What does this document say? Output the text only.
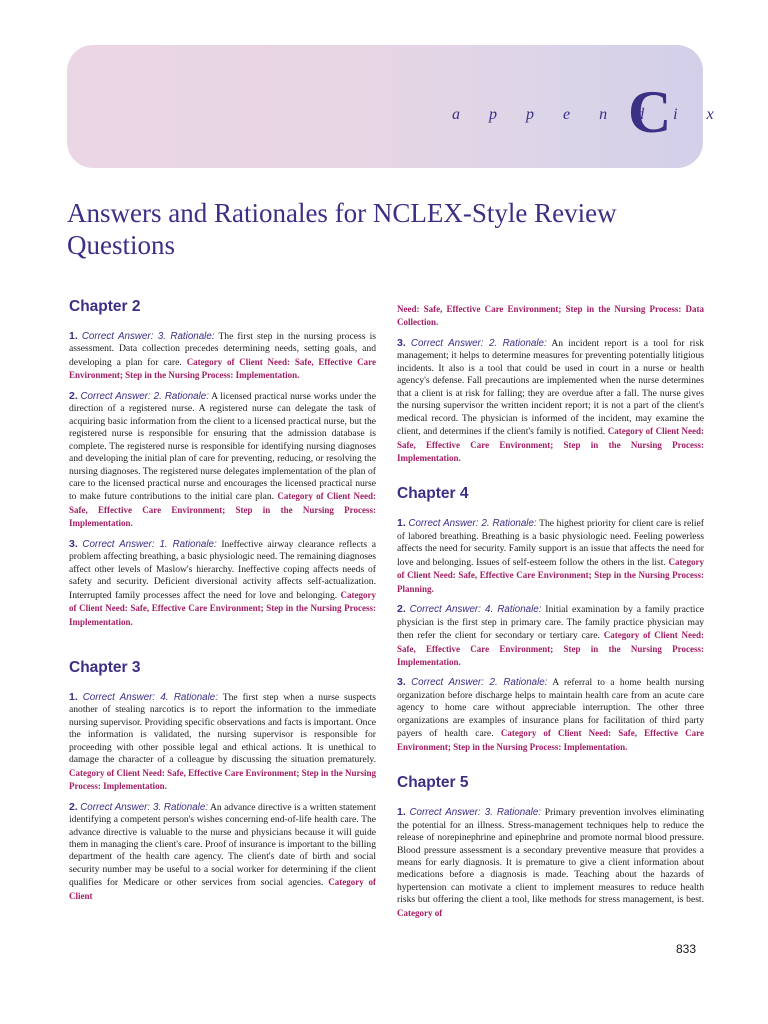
a p p e n d i x
C
Answers and Rationales for NCLEX-Style Review Questions
Chapter 2

1. Correct Answer: 3. Rationale: The first step in the nursing process is assessment. Data collection precedes determining needs, setting goals, and developing a plan for care. Category of Client Need: Safe, Effective Care Environment; Step in the Nursing Process: Implementation.

2. Correct Answer: 2. Rationale: A licensed practical nurse works under the direction of a registered nurse. A registered nurse can delegate the task of acquiring basic information from the client to a licensed practical nurse, but the registered nurse is responsible for ensuring that the admission database is complete. The registered nurse is responsible for identifying nursing diagnoses and developing the initial plan of care for preventing, reducing, or resolving the nursing diagnoses. The registered nurse delegates implementation of the plan of care to the licensed practical nurse and encourages the licensed practical nurse to make future contributions to the initial care plan. Category of Client Need: Safe, Effective Care Environment; Step in the Nursing Process: Implementation.

3. Correct Answer: 1. Rationale: Ineffective airway clearance reflects a problem affecting breathing, a basic physiologic need. The remaining diagnoses affect other levels of Maslow's hierarchy. Ineffective coping affects needs of safety and security. Deficient diversional activity affects self-actualization. Interrupted family processes affect the need for love and belonging. Category of Client Need: Safe, Effective Care Environment; Step in the Nursing Process: Implementation.

Chapter 3

1. Correct Answer: 4. Rationale: The first step when a nurse suspects another of stealing narcotics is to report the information to the immediate nursing supervisor. Providing specific observations and facts is important. Once the information is validated, the nursing supervisor is responsible for proceeding with other possible legal and ethical actions. It is unethical to damage the character of a colleague by discussing the situation prematurely. Category of Client Need: Safe, Effective Care Environment; Step in the Nursing Process: Implementation.

2. Correct Answer: 3. Rationale: An advance directive is a written statement identifying a competent person's wishes concerning end-of-life health care. The advance directive is valuable to the nurse and physicians because it will guide them in managing the client's care. Proof of insurance is important to the billing department of the health care agency. The client's date of birth and social security number may be useful to a social worker for determining if the client qualifies for Medicare or other services from social agencies. Category of Client

Need: Safe, Effective Care Environment; Step in the Nursing Process: Data Collection.

3. Correct Answer: 2. Rationale: An incident report is a tool for risk management; it helps to determine measures for preventing potentially litigious incidents. It also is a tool that could be used in court in a nurse or health agency's defense. Fall precautions are implemented when the nurse determines that a client is at risk for falling; they are overdue after a fall. The nurse gives the nursing supervisor the written incident report; it is not a part of the client's medical record. The physician is informed of the incident, may examine the client, and determines if the client's family is notified. Category of Client Need: Safe, Effective Care Environment; Step in the Nursing Process: Implementation.

Chapter 4

1. Correct Answer: 2. Rationale: The highest priority for client care is relief of labored breathing. Breathing is a basic physiologic need. Feeling powerless affects the need for security. Family support is an issue that affects the need for love and belonging. Issues of self-esteem follow the others in the list. Category of Client Need: Safe, Effective Care Environment; Step in the Nursing Process: Planning.

2. Correct Answer: 4. Rationale: Initial examination by a family practice physician is the first step in primary care. The family practice physician may then refer the client for secondary or tertiary care. Category of Client Need: Safe, Effective Care Environment; Step in the Nursing Process: Implementation.

3. Correct Answer: 2. Rationale: A referral to a home health nursing organization before discharge helps to maintain health care from an acute care agency to home care without appreciable interruption. The other three organizations are examples of insurance plans for facilitation of third party payers of health care. Category of Client Need: Safe, Effective Care Environment; Step in the Nursing Process: Implementation.

Chapter 5

1. Correct Answer: 3. Rationale: Primary prevention involves eliminating the potential for an illness. Stress-management techniques help to reduce the release of norepinephrine and epinephrine and promote normal blood pressure. Blood pressure assessment is a secondary preventive measure that provides a means for early diagnosis. It is premature to give a client information about medications before a diagnosis is made. Teaching about the hazards of hypertension can motivate a client to implement measures to reduce health risks but offering the client a tool, like methods for stress management, is best. Category of

833
